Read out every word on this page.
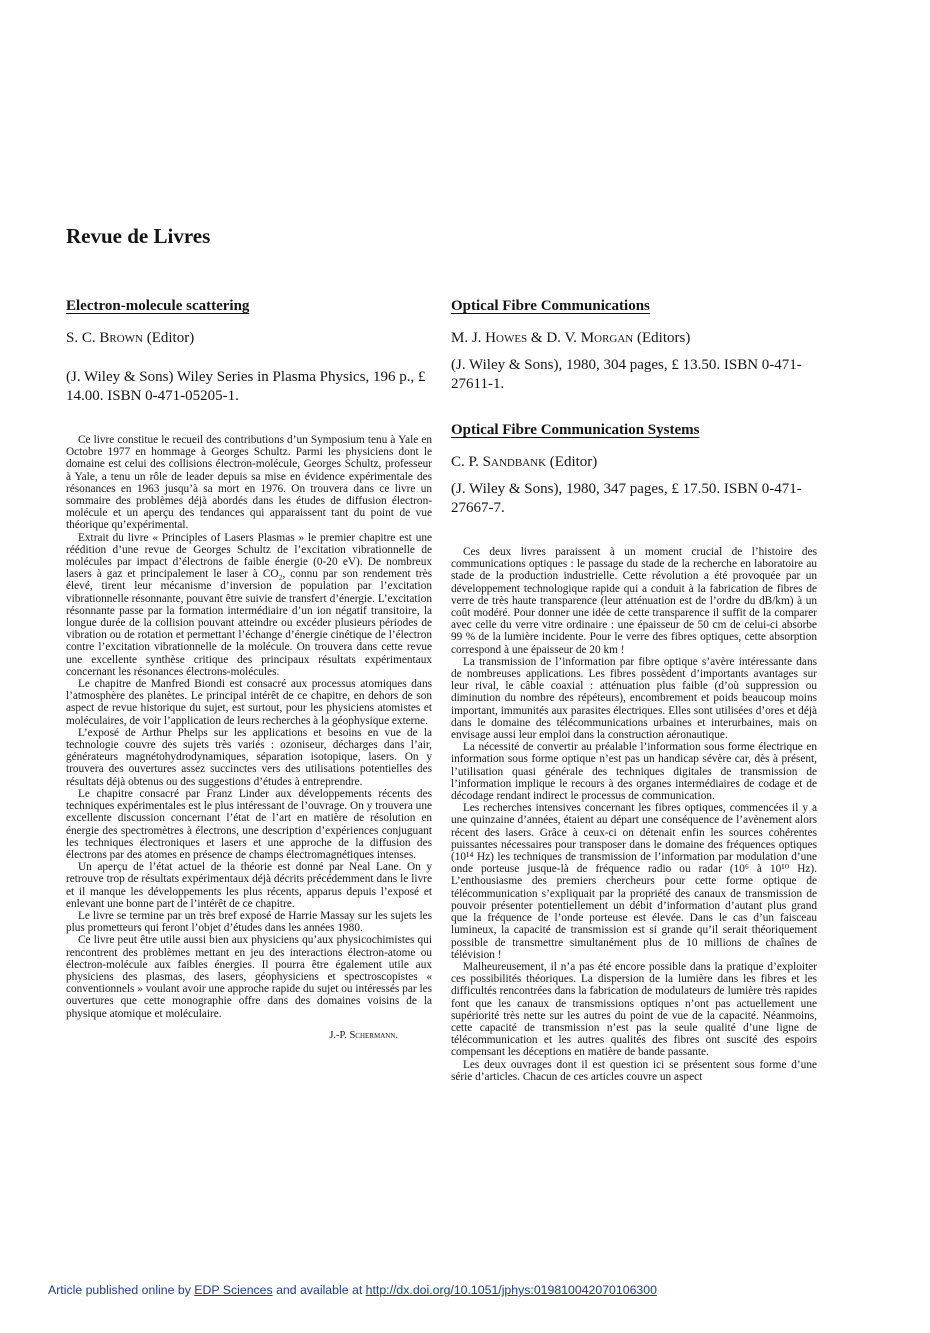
Revue de Livres
Electron-molecule scattering
S. C. Brown (Editor)
(J. Wiley & Sons) Wiley Series in Plasma Physics, 196 p., £ 14.00. ISBN 0-471-05205-1.

Ce livre constitue le recueil des contributions d’un Symposium tenu à Yale en Octobre 1977 en hommage à Georges Schultz. Parmi les physiciens dont le domaine est celui des collisions électron-molécule, Georges Schultz, professeur à Yale, a tenu un rôle de leader depuis sa mise en évidence expérimentale des résonances en 1963 jusqu’à sa mort en 1976. On trouvera dans ce livre un sommaire des problèmes déjà abordés dans les études de diffusion électron-molécule et un aperçu des tendances qui apparaissent tant du point de vue théorique qu’expérimental.

Extrait du livre « Principles of Lasers Plasmas » le premier chapitre est une réédition d’une revue de Georges Schultz de l’excitation vibrationnelle de molécules par impact d’électrons de faible énergie (0-20 eV). De nombreux lasers à gaz et principalement le laser à CO₂, connu par son rendement très élevé, tirent leur mécanisme d’inversion de population par l’excitation vibrationnelle résonnante, pouvant être suivie de transfert d’énergie. L’excitation résonnante passe par la formation intermédiaire d’un ion négatif transitoire, la longue durée de la collision pouvant atteindre ou excéder plusieurs périodes de vibration ou de rotation et permettant l’échange d’énergie cinétique de l’électron contre l’excitation vibrationnelle de la molécule. On trouvera dans cette revue une excellente synthèse critique des principaux résultats expérimentaux concernant les résonances électrons-molécules.

Le chapitre de Manfred Biondi est consacré aux processus atomiques dans l’atmosphère des planètes. Le principal intérêt de ce chapitre, en dehors de son aspect de revue historique du sujet, est surtout, pour les physiciens atomistes et moléculaires, de voir l’application de leurs recherches à la géophysique externe.

L’exposé de Arthur Phelps sur les applications et besoins en vue de la technologie couvre des sujets très variés : ozoniseur, décharges dans l’air, générateurs magnétohydrodynamiques, séparation isotopique, lasers. On y trouvera des ouvertures assez succinctes vers des utilisations potentielles des résultats déjà obtenus ou des suggestions d’études à entreprendre.

Le chapitre consacré par Franz Linder aux développements récents des techniques expérimentales est le plus intéressant de l’ouvrage. On y trouvera une excellente discussion concernant l’état de l’art en matière de résolution en énergie des spectromètres à électrons, une description d’expériences conjuguant les techniques électroniques et lasers et une approche de la diffusion des électrons par des atomes en présence de champs électromagnétiques intenses.

Un aperçu de l’état actuel de la théorie est donné par Neal Lane. On y retrouve trop de résultats expérimentaux déjà décrits précédemment dans le livre et il manque les développements les plus récents, apparus depuis l’exposé et enlevant une bonne part de l’intérêt de ce chapitre.

Le livre se termine par un très bref exposé de Harrie Massay sur les sujets les plus prometteurs qui feront l’objet d’études dans les années 1980.

Ce livre peut être utile aussi bien aux physiciens qu’aux physicochimistes qui rencontrent des problèmes mettant en jeu des interactions électron-atome ou électron-molécule aux faibles énergies. Il pourra être également utile aux physiciens des plasmas, des lasers, géophysiciens et spectroscopistes « conventionnels » voulant avoir une approche rapide du sujet ou intéressés par les ouvertures que cette monographie offre dans des domaines voisins de la physique atomique et moléculaire.

J.-P. Schermann.
Optical Fibre Communications
M. J. Howes & D. V. Morgan (Editors)
(J. Wiley & Sons), 1980, 304 pages, £ 13.50. ISBN 0-471-27611-1.
Optical Fibre Communication Systems
C. P. Sandbank (Editor)
(J. Wiley & Sons), 1980, 347 pages, £ 17.50. ISBN 0-471-27667-7.

Ces deux livres paraissent à un moment crucial de l’histoire des communications optiques : le passage du stade de la recherche en laboratoire au stade de la production industrielle. Cette révolution a été provoquée par un développement technologique rapide qui a conduit à la fabrication de fibres de verre de très haute transparence (leur atténuation est de l’ordre du dB/km) à un coût modéré. Pour donner une idée de cette transparence il suffit de la comparer avec celle du verre vitre ordinaire : une épaisseur de 50 cm de celui-ci absorbe 99 % de la lumière incidente. Pour le verre des fibres optiques, cette absorption correspond à une épaisseur de 20 km !

La transmission de l’information par fibre optique s’avère intéressante dans de nombreuses applications. Les fibres possèdent d’importants avantages sur leur rival, le câble coaxial : atténuation plus faible (d’où suppression ou diminution du nombre des répéteurs), encombrement et poids beaucoup moins important, immunités aux parasites électriques. Elles sont utilisées d’ores et déjà dans le domaine des télécommunications urbaines et interurbaines, mais on envisage aussi leur emploi dans la construction aéronautique.

La nécessité de convertir au préalable l’information sous forme électrique en information sous forme optique n’est pas un handicap sévère car, dès à présent, l’utilisation quasi générale des techniques digitales de transmission de l’information implique le recours à des organes intermédiaires de codage et de décodage rendant indirect le processus de communication.

Les recherches intensives concernant les fibres optiques, commencées il y a une quinzaine d’années, étaient au départ une conséquence de l’avènement alors récent des lasers. Grâce à ceux-ci on détenait enfin les sources cohérentes puissantes nécessaires pour transposer dans le domaine des fréquences optiques (10¹⁴ Hz) les techniques de transmission de l’information par modulation d’une onde porteuse jusque-là de fréquence radio ou radar (10⁶ à 10¹⁰ Hz). L’enthousiasme des premiers chercheurs pour cette forme optique de télécommunication s’expliquait par la propriété des canaux de transmission de pouvoir présenter potentiellement un débit d’information d’autant plus grand que la fréquence de l’onde porteuse est élevée. Dans le cas d’un faisceau lumineux, la capacité de transmission est si grande qu’il serait théoriquement possible de transmettre simultanément plus de 10 millions de chaînes de télévision !

Malheureusement, il n’a pas été encore possible dans la pratique d’exploiter ces possibilités théoriques. La dispersion de la lumière dans les fibres et les difficultés rencontrées dans la fabrication de modulateurs de lumière très rapides font que les canaux de transmissions optiques n’ont pas actuellement une supériorité très nette sur les autres du point de vue de la capacité. Néanmoins, cette capacité de transmission n’est pas la seule qualité d’une ligne de télécommunication et les autres qualités des fibres ont suscité des espoirs compensant les déceptions en matière de bande passante.

Les deux ouvrages dont il est question ici se présentent sous forme d’une série d’articles. Chacun de ces articles couvre un aspect

Article published online by EDP Sciences and available at http://dx.doi.org/10.1051/jphys:019810042070106300
